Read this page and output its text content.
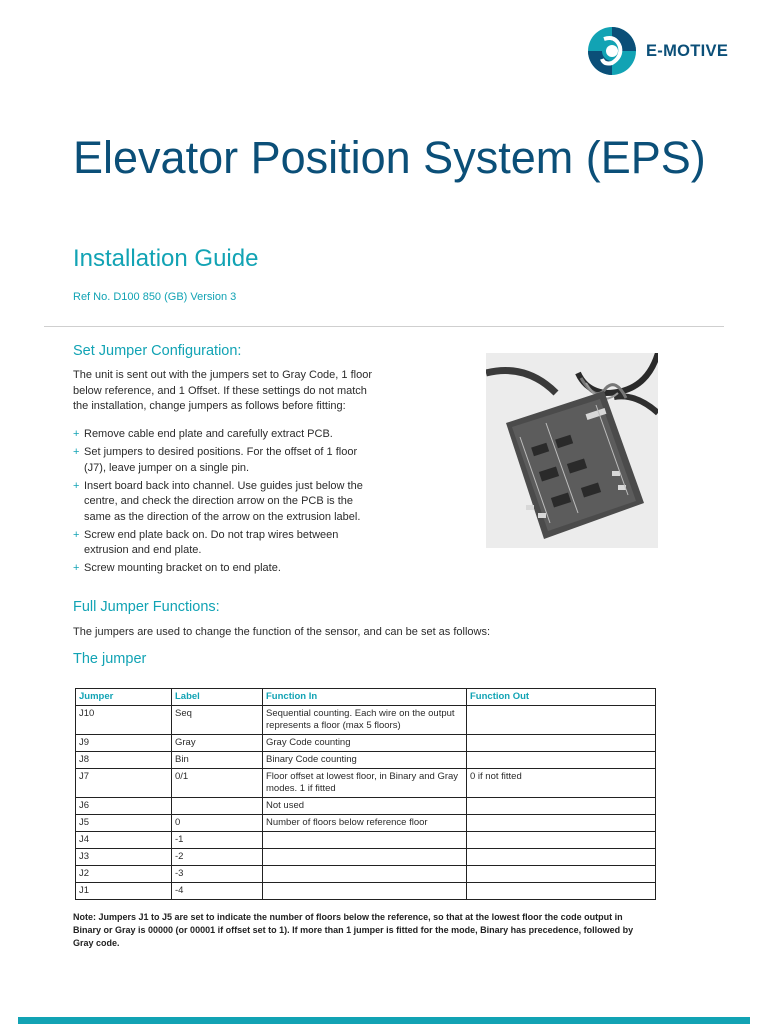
E-MOTIVE
Elevator Position System (EPS)
Installation Guide
Ref No. D100 850 (GB) Version 3
Set Jumper Configuration:

The unit is sent out with the jumpers set to Gray Code, 1 floor below reference, and 1 Offset. If these settings do not match the installation, change jumpers as follows before fitting:

+ Remove cable end plate and carefully extract PCB.
+ Set jumpers to desired positions. For the offset of 1 floor (J7), leave jumper on a single pin.
+ Insert board back into channel. Use guides just below the centre, and check the direction arrow on the PCB is the same as the direction of the arrow on the extrusion label.
+ Screw end plate back on. Do not trap wires between extrusion and end plate.
+ Screw mounting bracket on to end plate.
Full Jumper Functions:

The jumpers are used to change the function of the sensor, and can be set as follows:

The jumper
Jumper	Label	Function In	Function Out
J10	Seq	Sequential counting. Each wire on the output represents a floor (max 5 floors)	
J9	Gray	Gray Code counting	
J8	Bin	Binary Code counting	
J7	0/1	Floor offset at lowest floor, in Binary and Gray modes. 1 if fitted	0 if not fitted
J6		Not used	
J5	0	Number of floors below reference floor	
J4	-1		
J3	-2		
J2	-3		
J1	-4		

Note: Jumpers J1 to J5 are set to indicate the number of floors below the reference, so that at the lowest floor the code output in Binary or Gray is 00000 (or 00001 if offset set to 1). If more than 1 jumper is fitted for the mode, Binary has precedence, followed by Gray code.
